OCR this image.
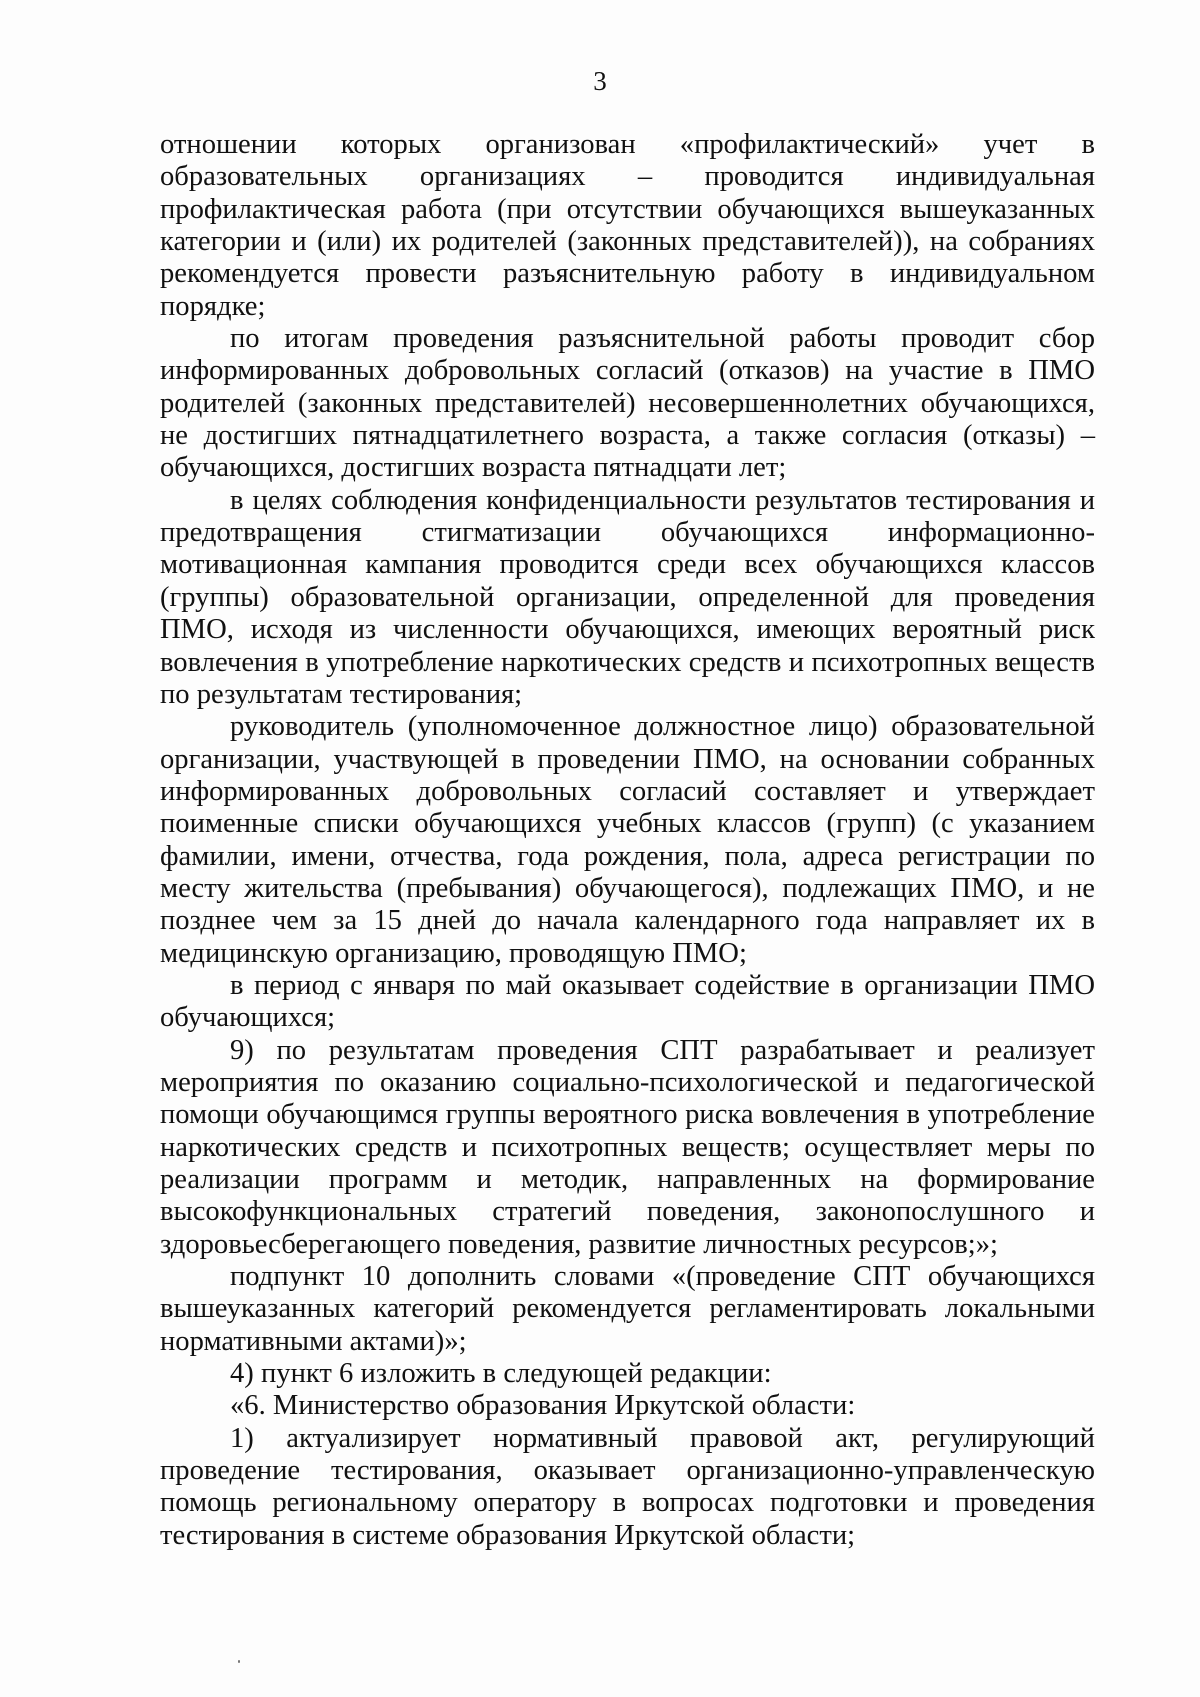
3

отношении которых организован «профилактический» учет в образовательных организациях – проводится индивидуальная профилактическая работа (при отсутствии обучающихся вышеуказанных категории и (или) их родителей (законных представителей)), на собраниях рекомендуется провести разъяснительную работу в индивидуальном порядке;

по итогам проведения разъяснительной работы проводит сбор информированных добровольных согласий (отказов) на участие в ПМО родителей (законных представителей) несовершеннолетних обучающихся, не достигших пятнадцатилетнего возраста, а также согласия (отказы) – обучающихся, достигших возраста пятнадцати лет;

в целях соблюдения конфиденциальности результатов тестирования и предотвращения стигматизации обучающихся информационно-мотивационная кампания проводится среди всех обучающихся классов (группы) образовательной организации, определенной для проведения ПМО, исходя из численности обучающихся, имеющих вероятный риск вовлечения в употребление наркотических средств и психотропных веществ по результатам тестирования;

руководитель (уполномоченное должностное лицо) образовательной организации, участвующей в проведении ПМО, на основании собранных информированных добровольных согласий составляет и утверждает поименные списки обучающихся учебных классов (групп) (с указанием фамилии, имени, отчества, года рождения, пола, адреса регистрации по месту жительства (пребывания) обучающегося), подлежащих ПМО, и не позднее чем за 15 дней до начала календарного года направляет их в медицинскую организацию, проводящую ПМО;

в период с января по май оказывает содействие в организации ПМО обучающихся;

9) по результатам проведения СПТ разрабатывает и реализует мероприятия по оказанию социально-психологической и педагогической помощи обучающимся группы вероятного риска вовлечения в употребление наркотических средств и психотропных веществ; осуществляет меры по реализации программ и методик, направленных на формирование высокофункциональных стратегий поведения, законопослушного и здоровьесберегающего поведения, развитие личностных ресурсов;»;

подпункт 10 дополнить словами «(проведение СПТ обучающихся вышеуказанных категорий рекомендуется регламентировать локальными нормативными актами)»;

4) пункт 6 изложить в следующей редакции:

«6. Министерство образования Иркутской области:

1) актуализирует нормативный правовой акт, регулирующий проведение тестирования, оказывает организационно-управленческую помощь региональному оператору в вопросах подготовки и проведения тестирования в системе образования Иркутской области;
